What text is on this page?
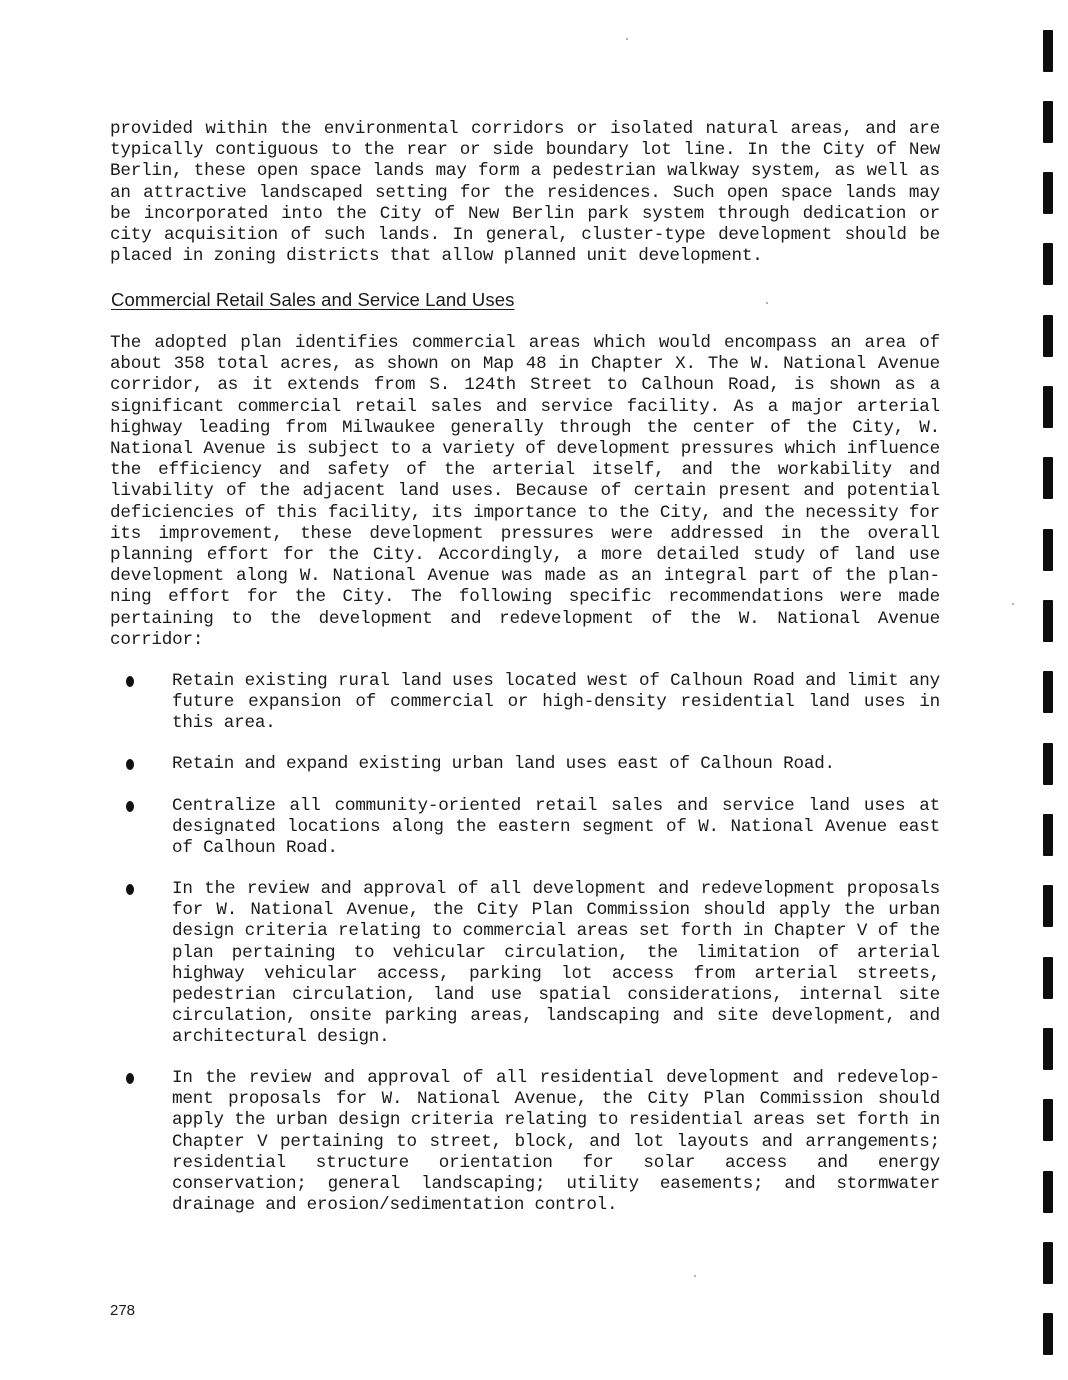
provided within the environmental corridors or isolated natural areas, and are typically contiguous to the rear or side boundary lot line. In the City of New Berlin, these open space lands may form a pedestrian walkway system, as well as an attractive landscaped setting for the residences. Such open space lands may be incorporated into the City of New Berlin park system through dedication or city acquisition of such lands. In general, cluster-type development should be placed in zoning districts that allow planned unit development.

Commercial Retail Sales and Service Land Uses

The adopted plan identifies commercial areas which would encompass an area of about 358 total acres, as shown on Map 48 in Chapter X. The W. National Avenue corridor, as it extends from S. 124th Street to Calhoun Road, is shown as a significant commercial retail sales and service facility. As a major arterial highway leading from Milwaukee generally through the center of the City, W. National Avenue is subject to a variety of development pressures which influence the efficiency and safety of the arterial itself, and the workability and livability of the adjacent land uses. Because of certain present and potential deficiencies of this facility, its importance to the City, and the necessity for its improvement, these development pressures were addressed in the overall planning effort for the City. Accordingly, a more detailed study of land use development along W. National Avenue was made as an integral part of the planning effort for the City. The following specific recommendations were made pertaining to the development and redevelopment of the W. National Avenue corridor:

Retain existing rural land uses located west of Calhoun Road and limit any future expansion of commercial or high-density residential land uses in this area.

Retain and expand existing urban land uses east of Calhoun Road.

Centralize all community-oriented retail sales and service land uses at designated locations along the eastern segment of W. National Avenue east of Calhoun Road.

In the review and approval of all development and redevelopment proposals for W. National Avenue, the City Plan Commission should apply the urban design criteria relating to commercial areas set forth in Chapter V of the plan pertaining to vehicular circulation, the limitation of arterial highway vehicular access, parking lot access from arterial streets, pedestrian circulation, land use spatial considerations, internal site circulation, onsite parking areas, landscaping and site development, and architectural design.

In the review and approval of all residential development and redevelopment proposals for W. National Avenue, the City Plan Commission should apply the urban design criteria relating to residential areas set forth in Chapter V pertaining to street, block, and lot layouts and arrangements; residential structure orientation for solar access and energy conservation; general landscaping; utility easements; and stormwater drainage and erosion/sedimentation control.

278
